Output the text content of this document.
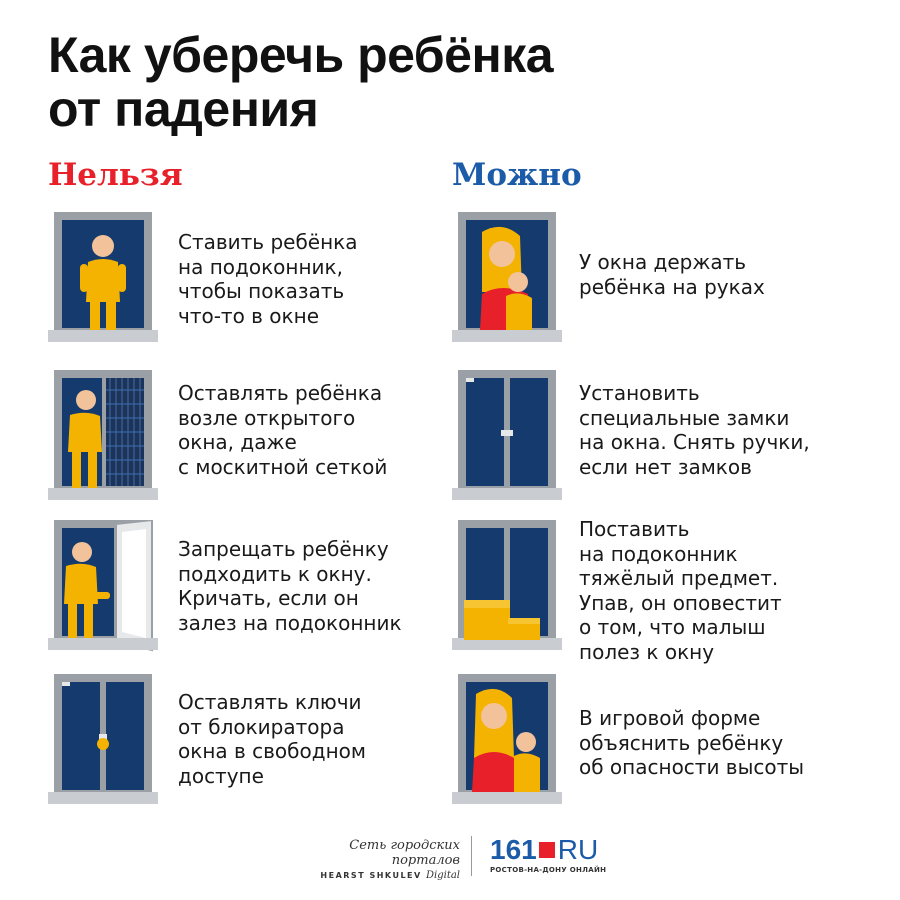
Как уберечь ребёнка
от падения
Нельзя	Можно
Ставить ребёнка
на подоконник,
чтобы показать
что-то в окне
Оставлять ребёнка
возле открытого
окна, даже
с москитной сеткой
Запрещать ребёнку
подходить к окну.
Кричать, если он
залез на подоконник
Оставлять ключи
от блокиратора
окна в свободном
доступе
У окна держать
ребёнка на руках
Установить
специальные замки
на окна. Снять ручки,
если нет замков
Поставить
на подоконник
тяжёлый предмет.
Упав, он оповестит
о том, что малыш
полез к окну
В игровой форме
объяснить ребёнку
об опасности высоты
Сеть городских порталов
HEARST SHKULEV Digital
161 RU
РОСТОВ-НА-ДОНУ ОНЛАЙН
